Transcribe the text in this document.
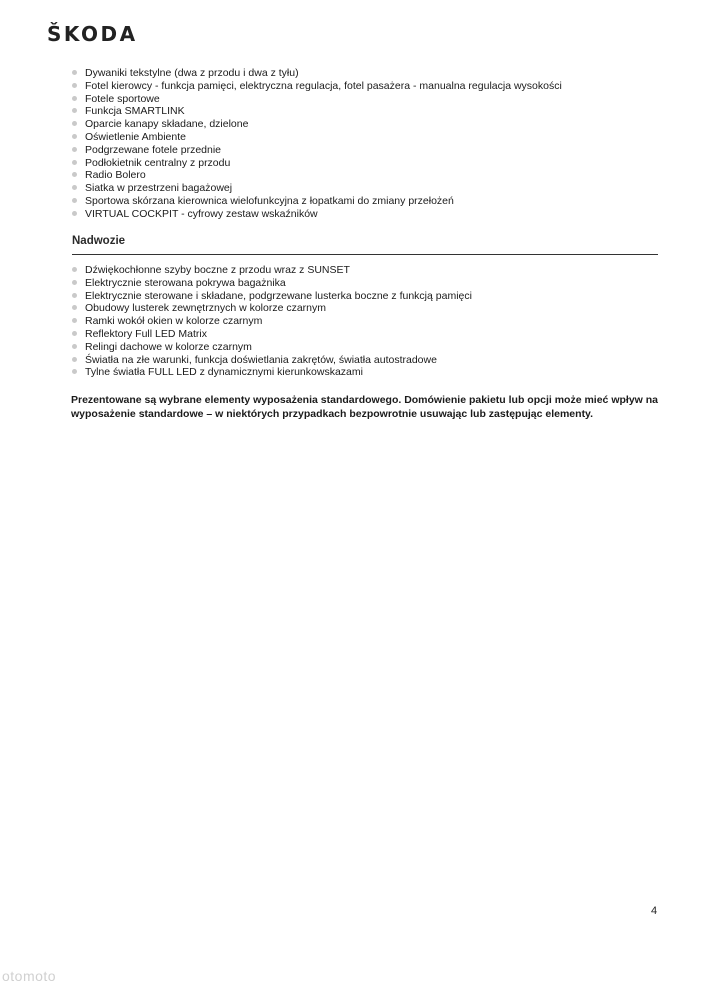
ŠKODA
Dywaniki tekstylne (dwa z przodu i dwa z tyłu)
Fotel kierowcy - funkcja pamięci, elektryczna regulacja, fotel pasażera - manualna regulacja wysokości
Fotele sportowe
Funkcja SMARTLINK
Oparcie kanapy składane, dzielone
Oświetlenie Ambiente
Podgrzewane fotele przednie
Podłokietnik centralny z przodu
Radio Bolero
Siatka w przestrzeni bagażowej
Sportowa skórzana kierownica wielofunkcyjna z łopatkami do zmiany przełożeń
VIRTUAL COCKPIT - cyfrowy zestaw wskaźników
Nadwozie
Dźwiękochłonne szyby boczne z przodu wraz z SUNSET
Elektrycznie sterowana pokrywa bagażnika
Elektrycznie sterowane i składane, podgrzewane lusterka boczne z funkcją pamięci
Obudowy lusterek zewnętrznych w kolorze czarnym
Ramki wokół okien w kolorze czarnym
Reflektory Full LED Matrix
Relingi dachowe w kolorze czarnym
Światła na złe warunki, funkcja doświetlania zakrętów, światła autostradowe
Tylne światła FULL LED z dynamicznymi kierunkowskazami
Prezentowane są wybrane elementy wyposażenia standardowego. Domówienie pakietu lub opcji może mieć wpływ na wyposażenie standardowe – w niektórych przypadkach bezpowrotnie usuwając lub zastępując elementy.
4
otomoto
